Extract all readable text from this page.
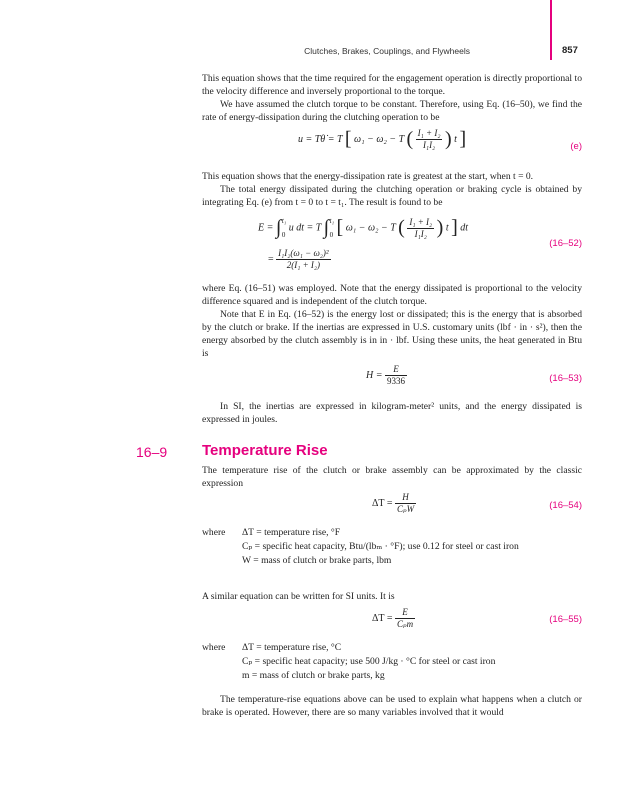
Clutches, Brakes, Couplings, and Flywheels	857

This equation shows that the time required for the engagement operation is directly proportional to the velocity difference and inversely proportional to the torque.

We have assumed the clutch torque to be constant. Therefore, using Eq. (16–50), we find the rate of energy-dissipation during the clutching operation to be

u = Tθ̇ = T [ ω₁ − ω₂ − T ( $\frac{\text{I₁ + I₂}}{\text{I₁I₂}}$ ) t ]	(e)

This equation shows that the energy-dissipation rate is greatest at the start, when t = 0.

The total energy dissipated during the clutching operation or braking cycle is obtained by integrating Eq. (e) from t = 0 to t = t₁. The result is found to be

E = ∫ t₁
0
u dt = T ∫ t₁
0 [ ω₁ − ω₂ − T ( $\frac{\text{I₁ + I₂}}{\text{I₁I₂}}$ ) t ] dt
= $\frac{\text{I₁I₂(ω₁ − ω₂)²}}{\text{2(I₁ + I₂)}}$
(16–52)

where Eq. (16–51) was employed. Note that the energy dissipated is proportional to the velocity difference squared and is independent of the clutch torque.

Note that E in Eq. (16–52) is the energy lost or dissipated; this is the energy that is absorbed by the clutch or brake. If the inertias are expressed in U.S. customary units (lbf · in · s²), then the energy absorbed by the clutch assembly is in in · lbf. Using these units, the heat generated in Btu is

$H = \frac{E}{9336}$	(16–53)

In SI, the inertias are expressed in kilogram-meter² units, and the energy dissipated is expressed in joules.

16–9 Temperature Rise

The temperature rise of the clutch or brake assembly can be approximated by the classic expression

$\Delta T = \frac{H}{\text{CₚW}}$	(16–54)
where ΔT = temperature rise, °F
Cₚ = specific heat capacity, Btu/(lbₘ · °F); use 0.12 for steel or cast iron
W = mass of clutch or brake parts, lbm

A similar equation can be written for SI units. It is

$\Delta T = \frac{E}{\text{Cₚm}}$	(16–55)
where ΔT = temperature rise, °C
Cₚ = specific heat capacity; use 500 J/kg · °C for steel or cast iron
m = mass of clutch or brake parts, kg

The temperature-rise equations above can be used to explain what happens when a clutch or brake is operated. However, there are so many variables involved that it would
